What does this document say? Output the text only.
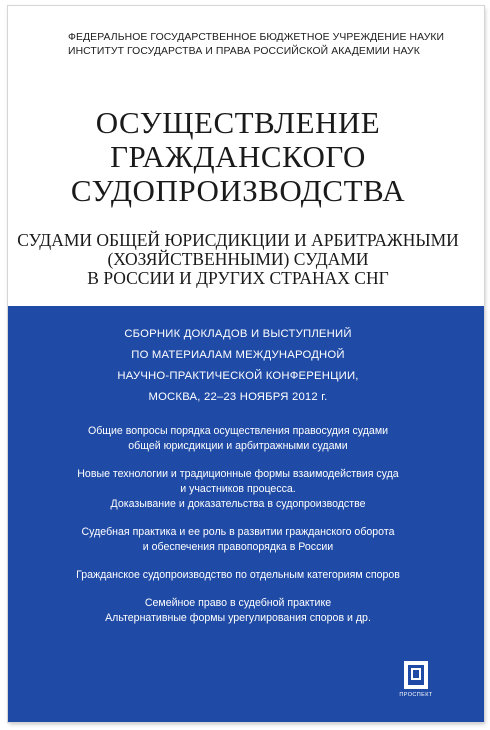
ФЕДЕРАЛЬНОЕ ГОСУДАРСТВЕННОЕ БЮДЖЕТНОЕ УЧРЕЖДЕНИЕ НАУКИ
ИНСТИТУТ ГОСУДАРСТВА И ПРАВА РОССИЙСКОЙ АКАДЕМИИ НАУК
ОСУЩЕСТВЛЕНИЕ
ГРАЖДАНСКОГО
СУДОПРОИЗВОДСТВА
СУДАМИ ОБЩЕЙ ЮРИСДИКЦИИ И АРБИТРАЖНЫМИ
(ХОЗЯЙСТВЕННЫМИ) СУДАМИ
В РОССИИ И ДРУГИХ СТРАНАХ СНГ
СБОРНИК ДОКЛАДОВ И ВЫСТУПЛЕНИЙ
ПО МАТЕРИАЛАМ МЕЖДУНАРОДНОЙ
НАУЧНО-ПРАКТИЧЕСКОЙ КОНФЕРЕНЦИИ,
МОСКВА, 22–23 НОЯБРЯ 2012 г.
Общие вопросы порядка осуществления правосудия судами
общей юрисдикции и арбитражными судами
Новые технологии и традиционные формы взаимодействия суда
и участников процесса.
Доказывание и доказательства в судопроизводстве
Судебная практика и ее роль в развитии гражданского оборота
и обеспечения правопорядка в России
Гражданское судопроизводство по отдельным категориям споров
Семейное право в судебной практике
Альтернативные формы урегулирования споров и др.
ПРОСПЕКТ
